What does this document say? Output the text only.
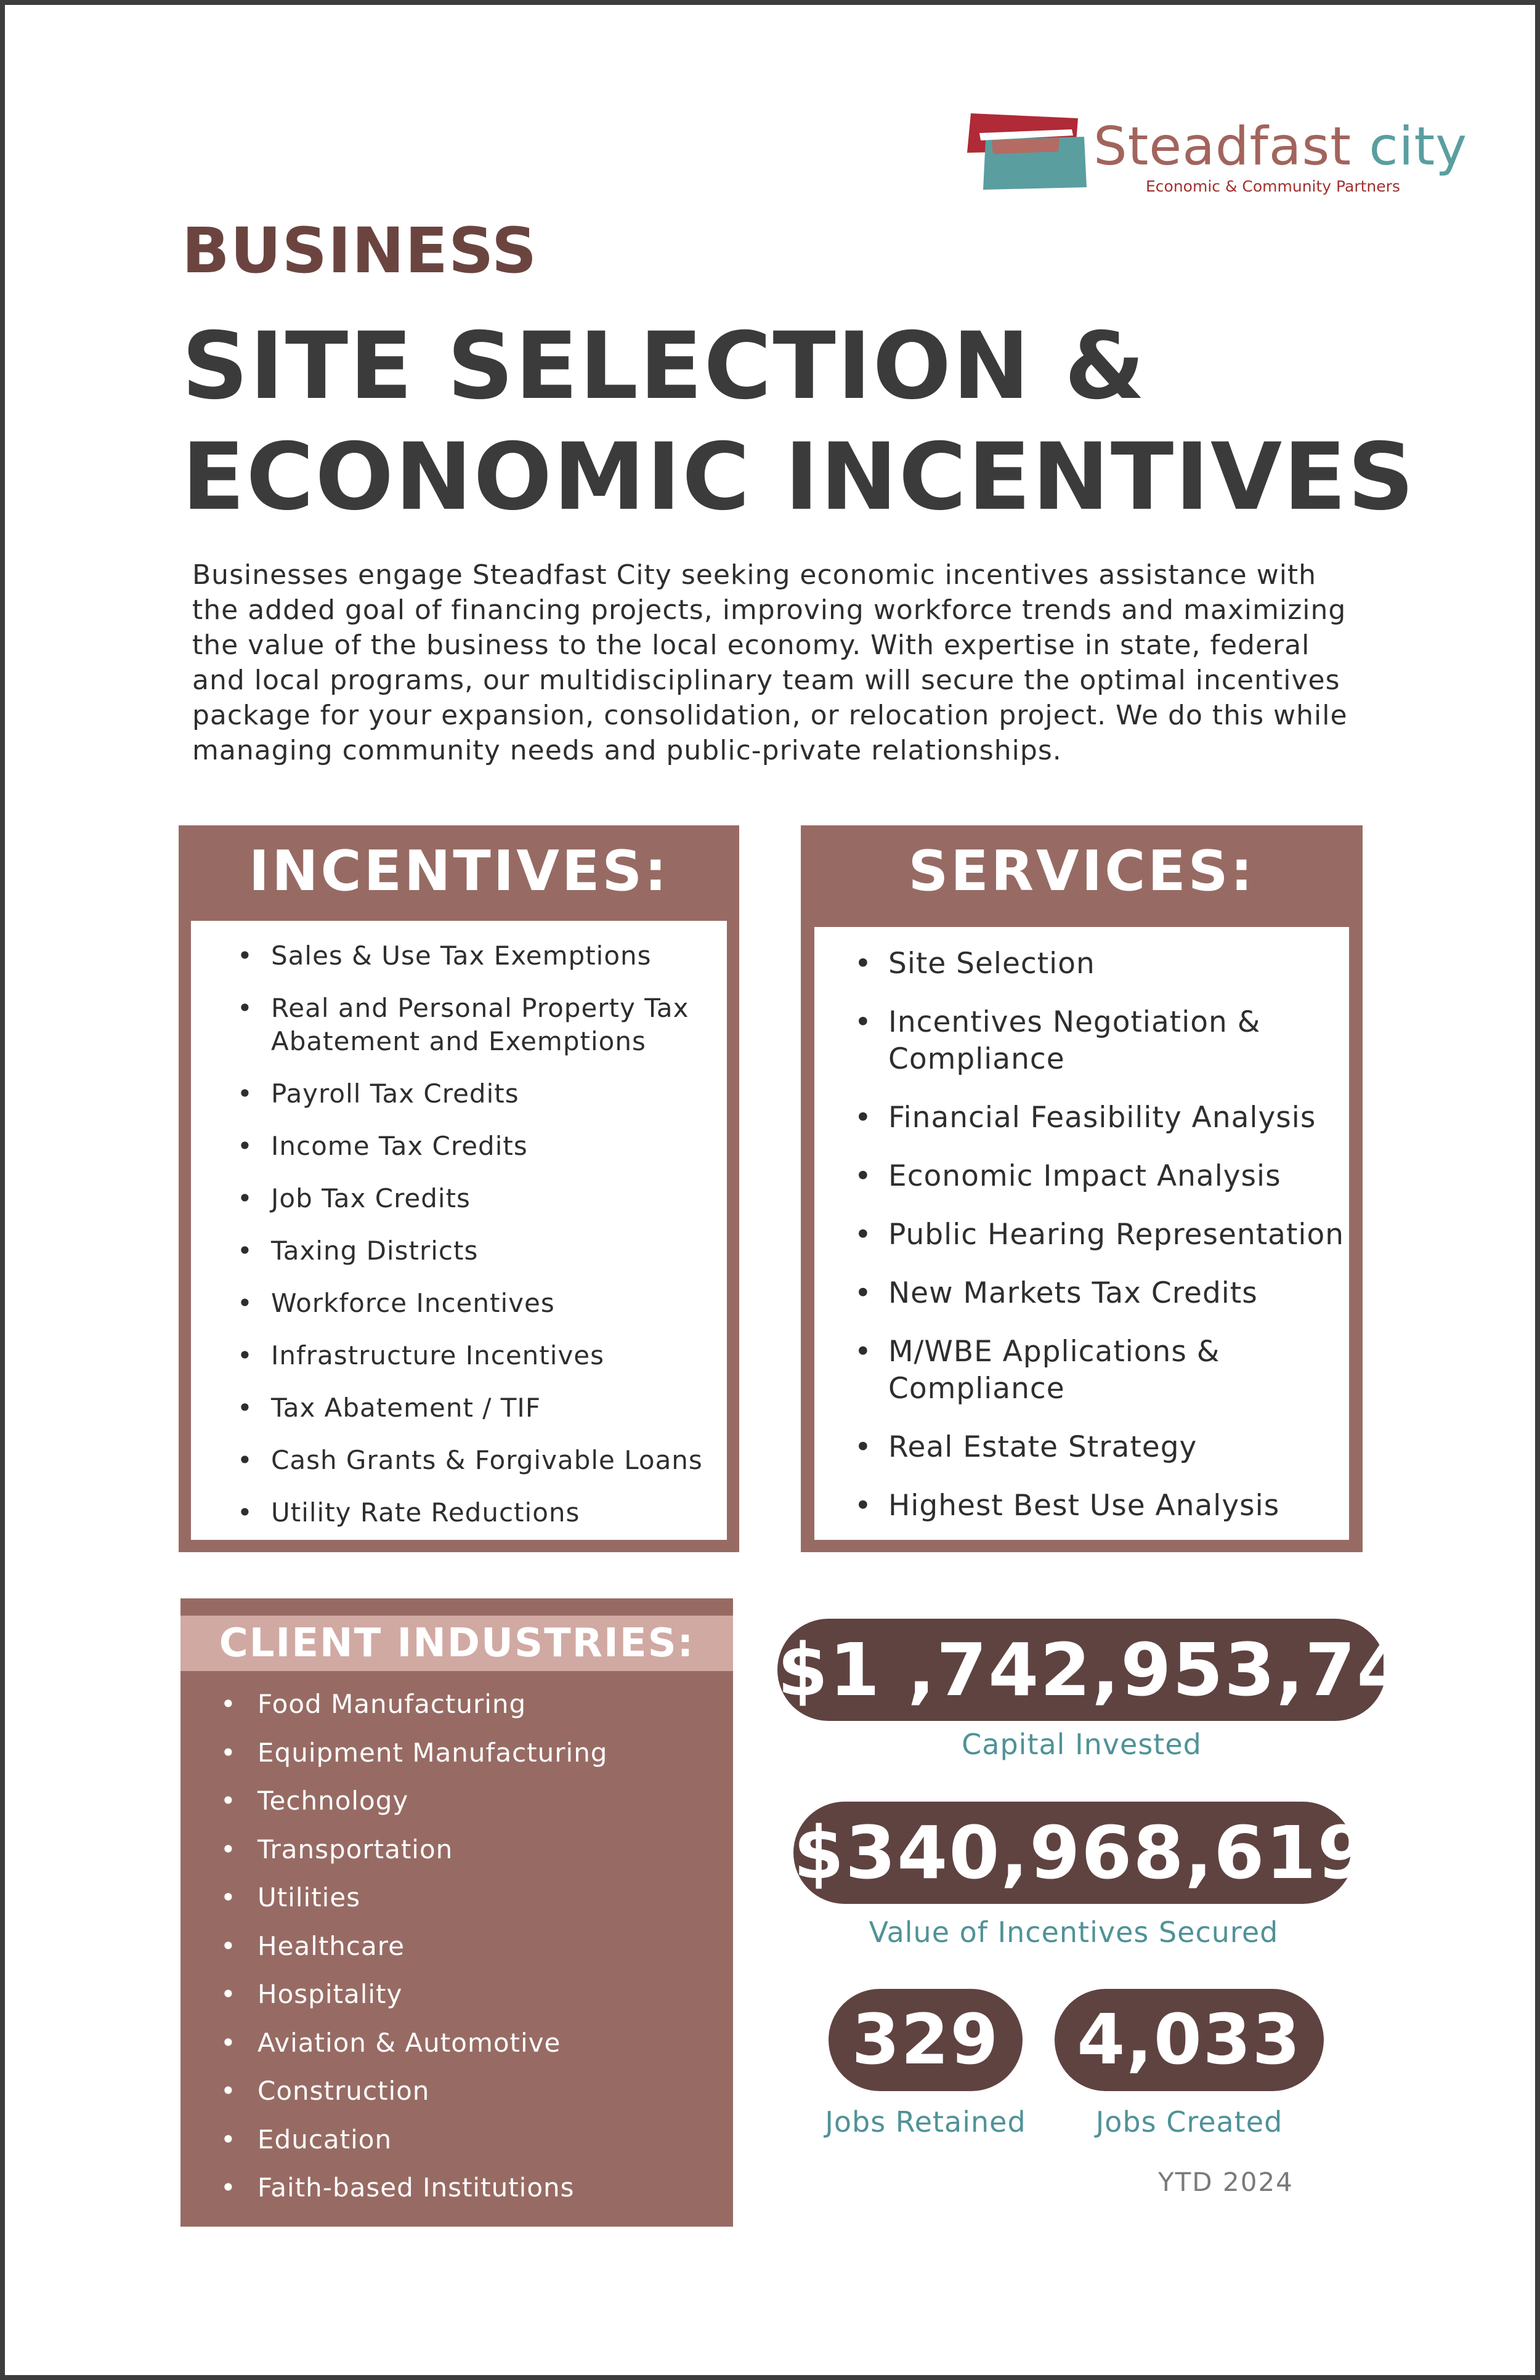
Steadfast city
Economic & Community Partners
BUSINESS
SITE SELECTION &
ECONOMIC INCENTIVES
Businesses engage Steadfast City seeking economic incentives assistance with the added goal of financing projects, improving workforce trends and maximizing the value of the business to the local economy. With expertise in state, federal and local programs, our multidisciplinary team will secure the optimal incentives package for your expansion, consolidation, or relocation project. We do this while managing community needs and public-private relationships.
INCENTIVES:
• Sales & Use Tax Exemptions
• Real and Personal Property Tax Abatement and Exemptions
• Payroll Tax Credits
• Income Tax Credits
• Job Tax Credits
• Taxing Districts
• Workforce Incentives
• Infrastructure Incentives
• Tax Abatement / TIF
• Cash Grants & Forgivable Loans
• Utility Rate Reductions
SERVICES:
• Site Selection
• Incentives Negotiation & Compliance
• Financial Feasibility Analysis
• Economic Impact Analysis
• Public Hearing Representation
• New Markets Tax Credits
• M/WBE Applications & Compliance
• Real Estate Strategy
• Highest Best Use Analysis
CLIENT INDUSTRIES:
• Food Manufacturing
• Equipment Manufacturing
• Technology
• Transportation
• Utilities
• Healthcare
• Hospitality
• Aviation & Automotive
• Construction
• Education
• Faith-based Institutions
$1 ,742,953,748
Capital Invested
$340,968,619
Value of Incentives Secured
329
Jobs Retained
4,033
Jobs Created
YTD 2024
